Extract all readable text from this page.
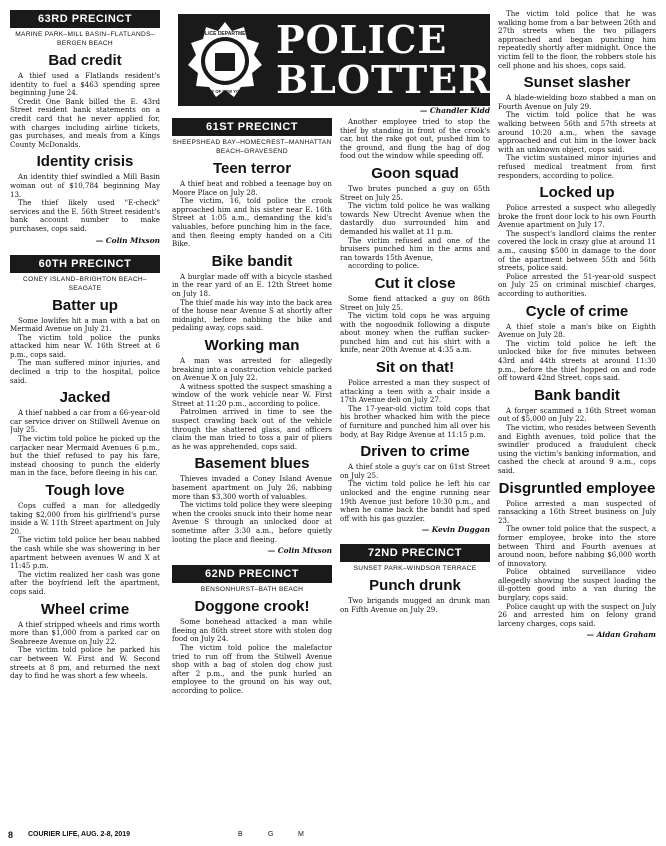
POLICE DEPARTMENT
CITY OF NEW YORK
POLICE
BLOTTER
— Chandler Kidd
63RD PRECINCT
MARINE PARK–MILL BASIN–FLATLANDS–BERGEN BEACH
Bad credit

A thief used a Flatlands resident's identity to fuel a $463 spending spree beginning June 24.

Credit One Bank billed the E. 43rd Street resident bank statements on a credit card that he never applied for, with charges including airline tickets, gas purchases, and meals from a Kings County McDonalds.

Identity crisis

An identity thief swindled a Mill Basin woman out of $10,784 beginning May 13.

The thief likely used "E-check" services and the E. 56th Street resident's bank account number to make purchases, cops said.

— Colin Mixson
60TH PRECINCT
CONEY ISLAND–BRIGHTON BEACH–SEAGATE
Batter up

Some lowlifes hit a man with a bat on Mermaid Avenue on July 21.

The victim told police the punks attacked him near W. 16th Street at 6 p.m., cops said.

The man suffered minor injuries, and declined a trip to the hospital, police said.

Jacked

A thief nabbed a car from a 66-year-old car service driver on Stillwell Avenue on July 25.

The victim told police he picked up the carjacker near Mermaid Avenues 6 p.m., but the thief refused to pay his fare, instead choosing to punch the elderly man in the face, before fleeing in his car.

Tough love

Cops cuffed a man for alledgedly taking $2,000 from his girlfriend's purse inside a W. 11th Street apartment on July 20.

The victim told police her beau nabbed the cash while she was showering in her apartment between avenues W and X at 11:45 p.m.

The victim realized her cash was gone after the boyfriend left the apartment, cops said.

Wheel crime

A thief stripped wheels and rims worth more than $1,000 from a parked car on Seabreeze Avenue on July 22.

The victim told police he parked his car between W. First and W. Second streets at 8 pm, and returned the next day to find he was short a few wheels.

61ST PRECINCT
SHEEPSHEAD BAY–HOMECREST–MANHATTAN BEACH–GRAVESEND
Teen terror

A thief beat and robbed a teenage boy on Moore Place on July 28.

The victim, 16, told police the crook approached him and his sister near E. 16th Street at 1:05 a.m., demanding the kid's valuables, before punching him in the face, and then fleeing empty handed on a Citi Bike.

Bike bandit

A burglar made off with a bicycle stashed in the rear yard of an E. 12th Street home on July 18.

The thief made his way into the back area of the house near Avenue S at shortly after midnight, before nabbing the bike and pedaling away, cops said.

Working man

A man was arrested for allegedly breaking into a construction vehicle parked on Avenue X on July 22.

A witness spotted the suspect smashing a window of the work vehicle near W. First Street at 11:20 p.m., according to police.

Patrolmen arrived in time to see the suspect crawling back out of the vehicle through the shattered glass, and officers claim the man tried to toss a pair of pliers as he was apprehended, cops said.

Basement blues

Thieves invaded a Coney Island Avenue basement apartment on July 26, nabbing more than $3,300 worth of valuables.

The victims told police they were sleeping when the crooks snuck into their home near Avenue S through an unlocked door at sometime after 3:30 a.m., before quietly looting the place and fleeing.

— Colin Mixson
62ND PRECINCT
BENSONHURST–BATH BEACH
Doggone crook!

Some bonehead attacked a man while fleeing an 86th street store with stolen dog food on July 24.

The victim told police the malefactor tried to run off from the Stilwell Avenue shop with a bag of stolen dog chow just after 2 p.m., and the punk hurled an employee to the ground on his way out, according to police.

Another employee tried to stop the thief by standing in front of the crook's car, but the rake got out, pushed him to the ground, and flung the bag of dog food out the window while speeding off.

Goon squad

Two brutes punched a guy on 65th Street on July 25.

The victim told police he was walking towards New Utrecht Avenue when the dastardly duo surrounded him and demanded his wallet at 11 p.m.

The victim refused and one of the bruisers punched him in the arms and ran towards 15th Avenue,

according to police.

Cut it close

Some fiend attacked a guy on 86th Street on July 25.

The victim told cops he was arguing with the nogoodnik following a dispute about money when the ruffian sucker-punched him and cut his shirt with a knife, near 20th Avenue at 4:35 a.m.

Sit on that!

Police arrested a man they suspect of attacking a teen with a chair inside a 17th Avenue deli on July 27.

The 17-year-old victim told cops that his brother whacked him with the piece of furniture and punched him all over his body, at Bay Ridge Avenue at 11:15 p.m.

Driven to crime

A thief stole a guy's car on 61st Street on July 25.

The victim told police he left his car unlocked and the engine running near 19th Avenue just before 10:30 p.m., and when he came back the bandit had sped off with his gas guzzler.

— Kevin Duggan
72ND PRECINCT
SUNSET PARK–WINDSOR TERRACE
Punch drunk

Two brigands mugged an drunk man on Fifth Avenue on July 29.

The victim told police that he was walking home from a bar between 26th and 27th streets when the two pillagers approached and began punching him repeatedly shortly after midnight. Once the victim fell to the floor, the robbers stole his cell phone and his shoes, cops said.

Sunset slasher

A blade-wielding bozo stabbed a man on Fourth Avenue on July 29.

The victim told police that he was walking between 56th and 57th streets at around 10:20 a.m., when the savage approached and cut him in the lower back with an unknown object, cops said.

The victim sustained minor injuries and refused medical treatment from first responders, according to police.

Locked up

Police arrested a suspect who allegedly broke the front door lock to his own Fourth Avenue apartment on July 17.

The suspect's landlord claims the renter covered the lock in crazy glue at around 11 a.m., causing $500 in damage to the door of the apartment between 55th and 56th streets, police said.

Police arrested the 51-year-old suspect on July 25 on criminal mischief charges, according to authorities.

Cycle of crime

A thief stole a man's bike on Eighth Avenue on July 28.

The victim told police he left the unlocked bike for five minutes between 43rd and 44th streets at around 11:30 p.m., before the thief hopped on and rode off toward 42nd Street, cops said.

Bank bandit

A forger scammed a 16th Street woman out of $5,000 on July 22.

The victim, who resides between Seventh and Eighth avenues, told police that the swindler produced a fraudulent check using the victim's banking information, and cashed the check at around 9 a.m., cops said.

Disgruntled employee

Police arrested a man suspected of ransacking a 16th Street business on July 23.

The owner told police that the suspect, a former employee, broke into the store between Third and Fourth avenues at around noon, before nabbing $6,000 worth of innovatory.

Police obtained surveillance video allegedly showing the suspect loading the ill-gotten good into a van during the burglary, cops said.

Police caught up with the suspect on July 26 and arrested him on felony grand larceny charges, cops said.

— Aidan Graham
8 COURIER LIFE, AUG. 2-8, 2019	B	G	M
